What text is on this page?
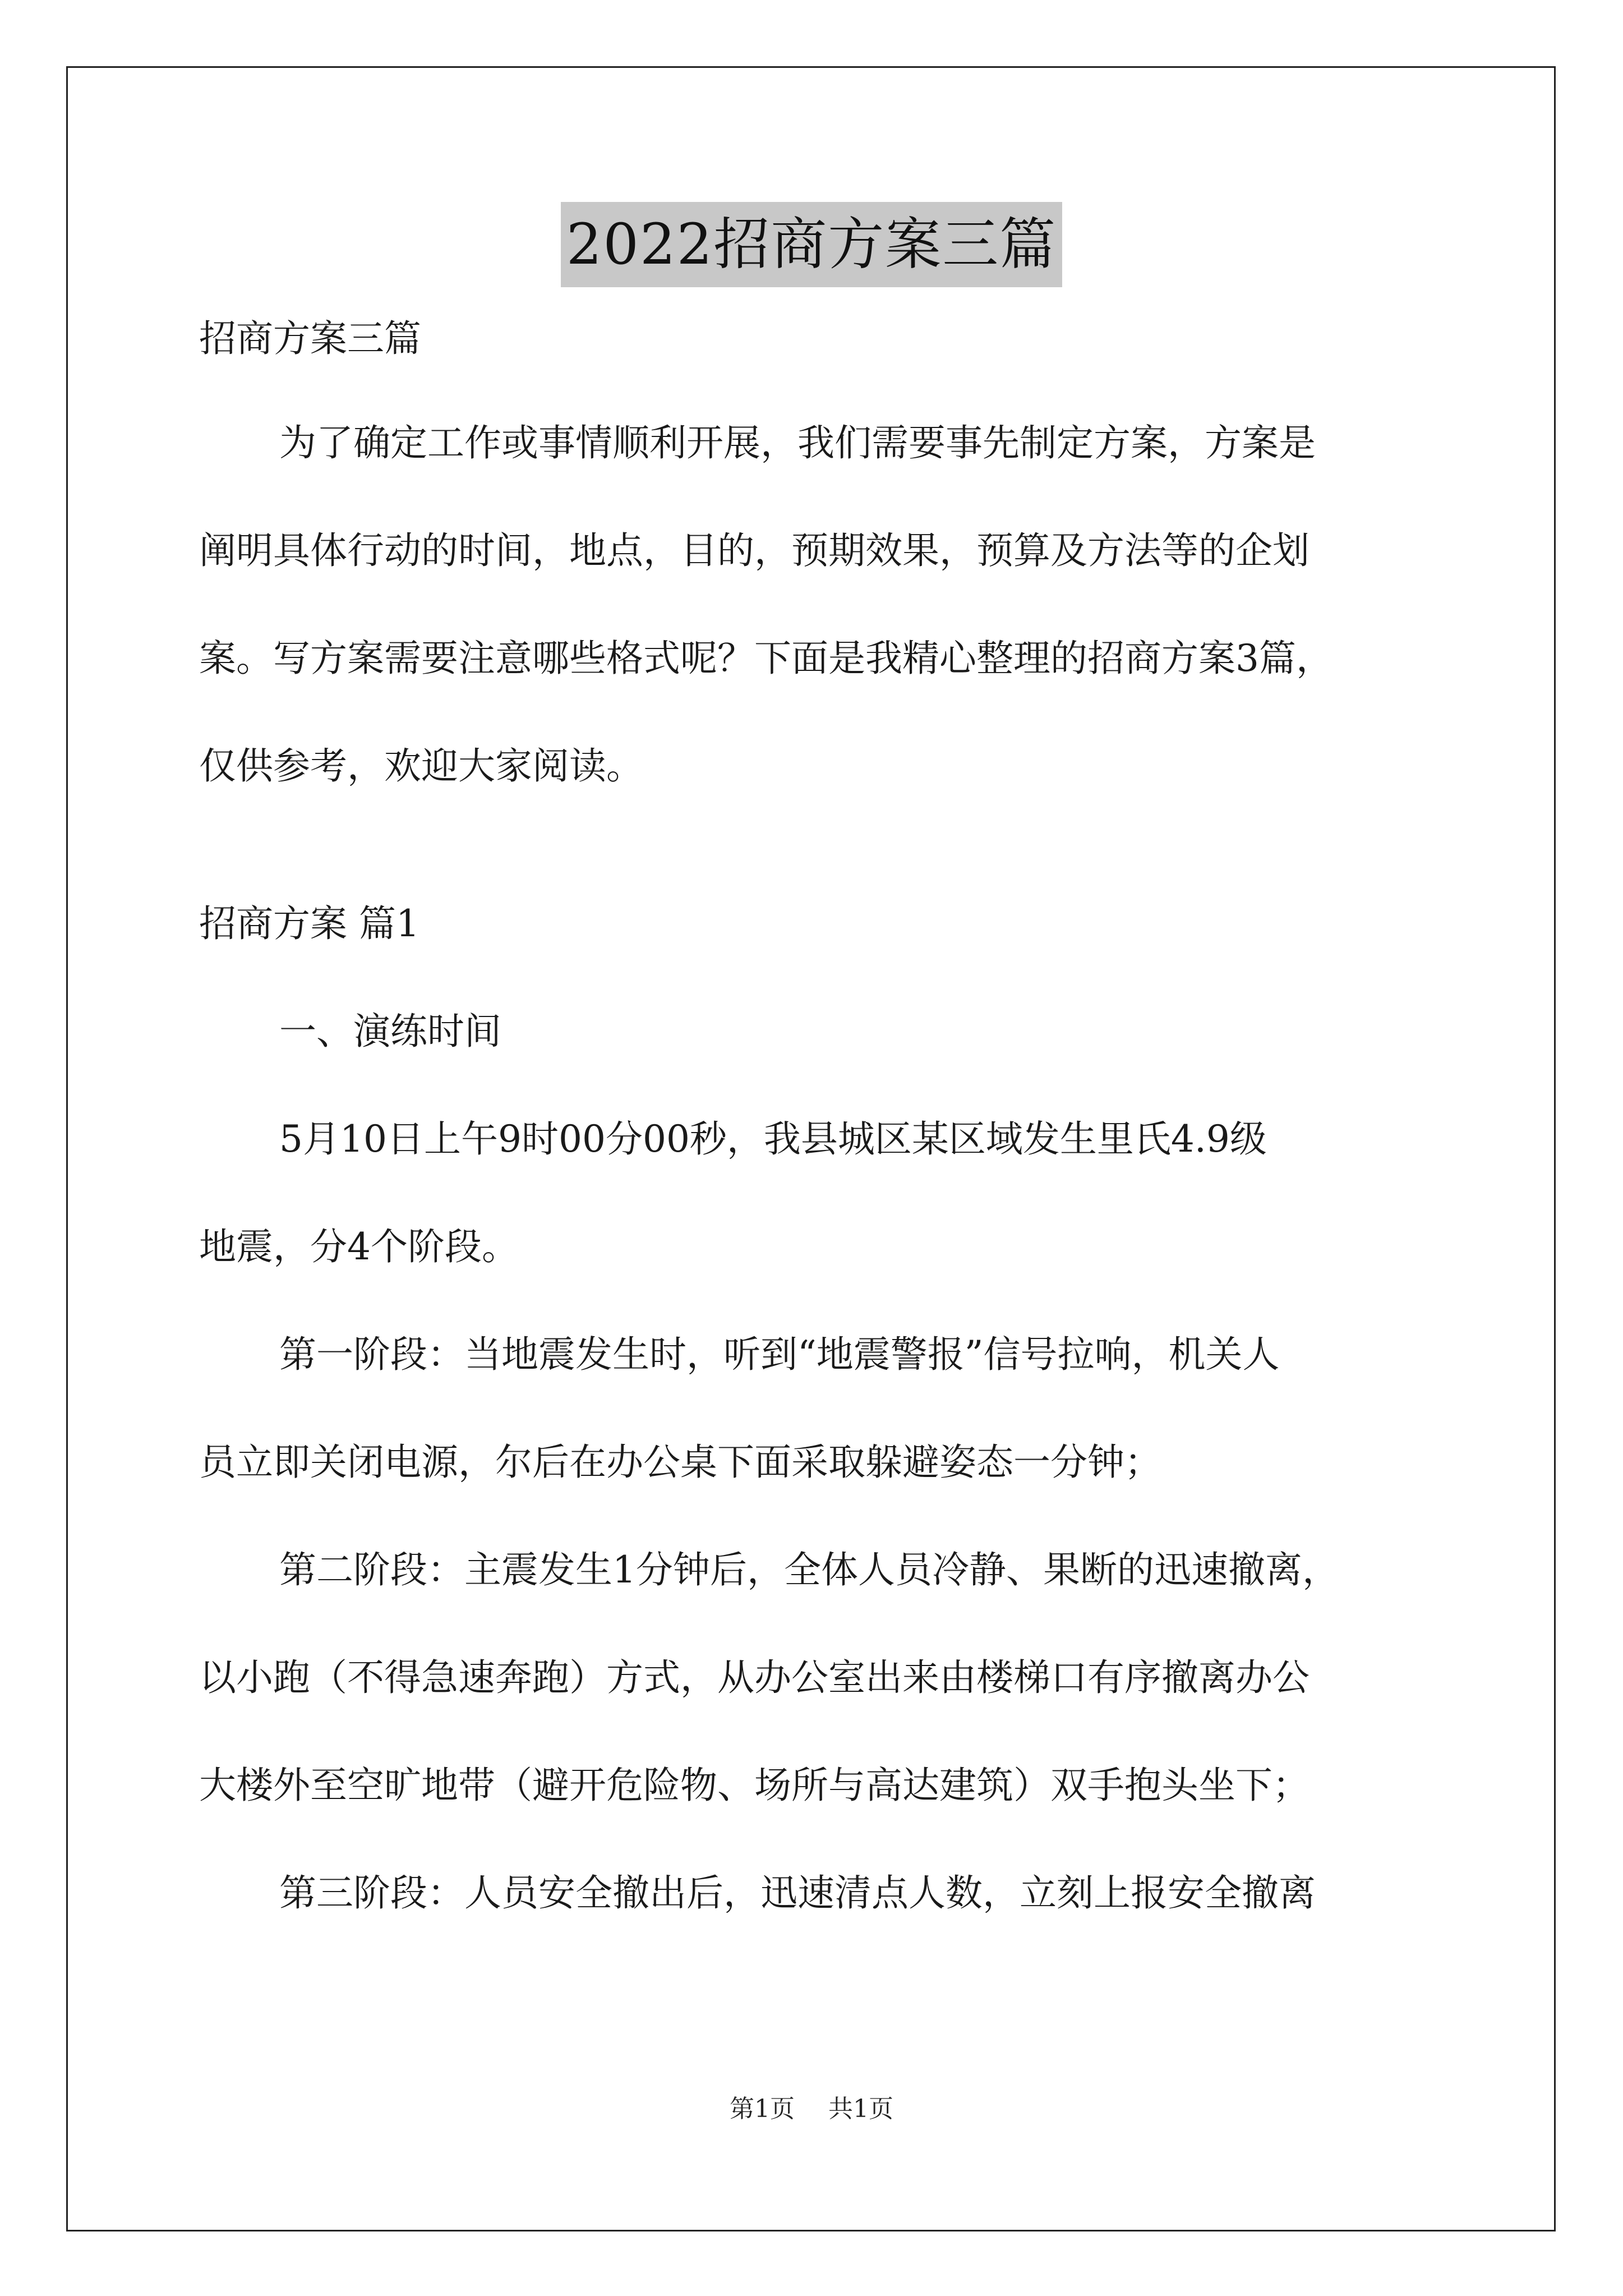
2022招商方案三篇

招商方案三篇

为了确定工作或事情顺利开展，我们需要事先制定方案，方案是

阐明具体行动的时间，地点，目的，预期效果，预算及方法等的企划

案。写方案需要注意哪些格式呢？下面是我精心整理的招商方案3篇，

仅供参考，欢迎大家阅读。

招商方案 篇1

一、演练时间

5月10日上午9时00分00秒，我县城区某区域发生里氏4.9级

地震，分4个阶段。

第一阶段：当地震发生时，听到“地震警报”信号拉响，机关人

员立即关闭电源，尔后在办公桌下面采取躲避姿态一分钟；

第二阶段：主震发生1分钟后，全体人员冷静、果断的迅速撤离，

以小跑（不得急速奔跑）方式，从办公室出来由楼梯口有序撤离办公

大楼外至空旷地带（避开危险物、场所与高达建筑）双手抱头坐下；

第三阶段：人员安全撤出后，迅速清点人数，立刻上报安全撤离

第1页 共1页
